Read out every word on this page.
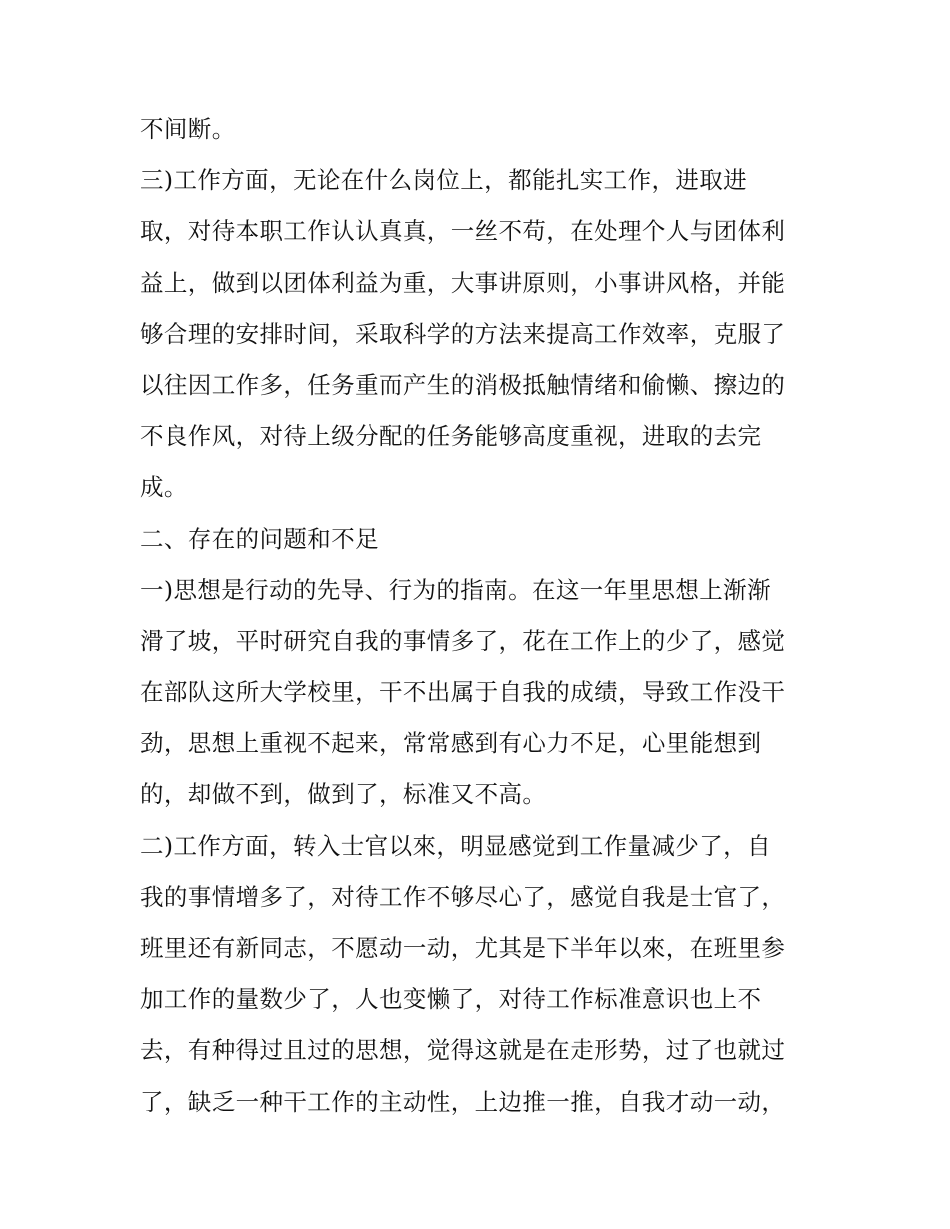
不间断。
三)工作方面，无论在什么岗位上，都能扎实工作，进取进
取，对待本职工作认认真真，一丝不苟，在处理个人与团体利
益上，做到以团体利益为重，大事讲原则，小事讲风格，并能
够合理的安排时间，采取科学的方法来提高工作效率，克服了
以往因工作多，任务重而产生的消极抵触情绪和偷懒、擦边的
不良作风，对待上级分配的任务能够高度重视，进取的去完
成。
二、存在的问题和不足
一)思想是行动的先导、行为的指南。在这一年里思想上渐渐
滑了坡，平时研究自我的事情多了，花在工作上的少了，感觉
在部队这所大学校里，干不出属于自我的成绩，导致工作没干
劲，思想上重视不起来，常常感到有心力不足，心里能想到
的，却做不到，做到了，标准又不高。
二)工作方面，转入士官以來，明显感觉到工作量减少了，自
我的事情增多了，对待工作不够尽心了，感觉自我是士官了，
班里还有新同志，不愿动一动，尤其是下半年以來，在班里参
加工作的量数少了，人也变懒了，对待工作标准意识也上不
去，有种得过且过的思想，觉得这就是在走形势，过了也就过
了，缺乏一种干工作的主动性，上边推一推，自我才动一动，
